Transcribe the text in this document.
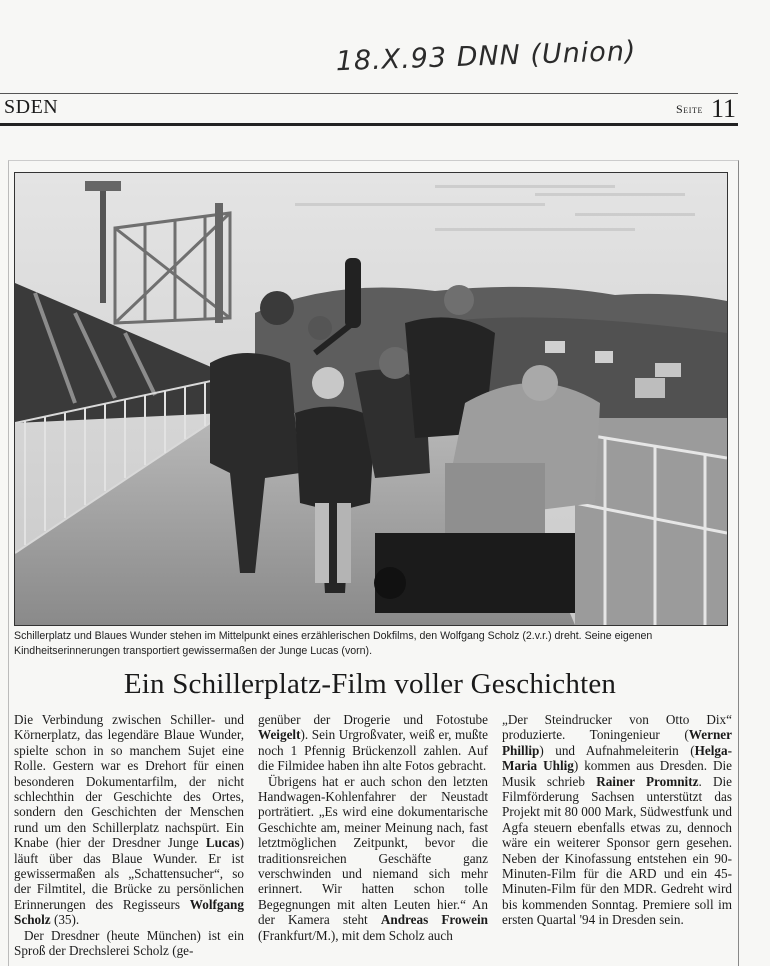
18.X.93 DNN (Union)
SDEN	$^{Seite}$ 11
Schillerplatz und Blaues Wunder stehen im Mittelpunkt eines erzählerischen Dokfilms, den Wolfgang Scholz (2.v.r.) dreht. Seine eigenen Kindheitserinnerungen transportiert gewissermaßen der Junge Lucas (vorn).
Ein Schillerplatz-Film voller Geschichten

Die Verbindung zwischen Schiller- und Körnerplatz, das legendäre Blaue Wunder, spielte schon in so manchem Sujet eine Rolle. Gestern war es Drehort für einen besonderen Dokumentarfilm, der nicht schlechthin der Geschichte des Ortes, sondern den Geschichten der Menschen rund um den Schillerplatz nachspürt. Ein Knabe (hier der Dresdner Junge Lucas) läuft über das Blaue Wunder. Er ist gewissermaßen als „Schattensucher“, so der Filmtitel, die Brücke zu persönlichen Erinnerungen des Regisseurs Wolfgang Scholz (35).

Der Dresdner (heute München) ist ein Sproß der Drechslerei Scholz (ge-

genüber der Drogerie und Fotostube Weigelt). Sein Urgroßvater, weiß er, mußte noch 1 Pfennig Brückenzoll zahlen. Auf die Filmidee haben ihn alte Fotos gebracht.

Übrigens hat er auch schon den letzten Handwagen-Kohlenfahrer der Neustadt porträtiert. „Es wird eine dokumentarische Geschichte am, meiner Meinung nach, fast letztmöglichen Zeitpunkt, bevor die traditionsreichen Geschäfte ganz verschwinden und niemand sich mehr erinnert. Wir hatten schon tolle Begegnungen mit alten Leuten hier.“ An der Kamera steht Andreas Frowein (Frankfurt/M.), mit dem Scholz auch

„Der Steindrucker von Otto Dix“ produzierte. Toningenieur (Werner Phillip) und Aufnahmeleiterin (Helga-Maria Uhlig) kommen aus Dresden. Die Musik schrieb Rainer Promnitz. Die Filmförderung Sachsen unterstützt das Projekt mit 80 000 Mark, Südwestfunk und Agfa steuern ebenfalls etwas zu, dennoch wäre ein weiterer Sponsor gern gesehen. Neben der Kinofassung entstehen ein 90-Minuten-Film für die ARD und ein 45-Minuten-Film für den MDR. Gedreht wird bis kommenden Sonntag. Premiere soll im ersten Quartal '94 in Dresden sein.
